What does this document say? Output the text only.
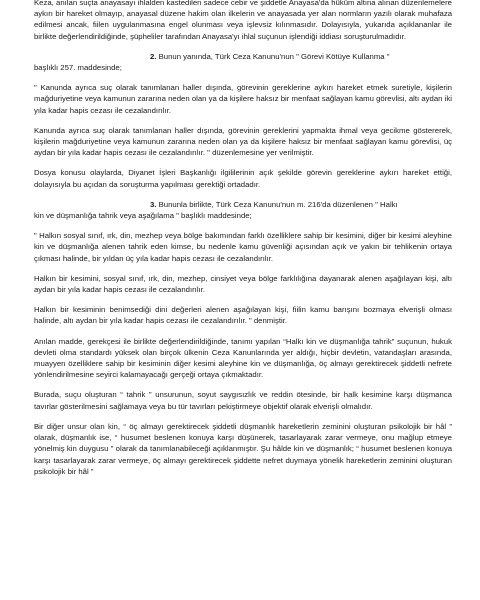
Keza, anılan suçta anayasayı ihlalden kastedilen sadece cebir ve şiddetle Anayasa'da hüküm altına alınan düzenlemelere aykırı bir hareket olmayıp, anayasal düzene hakim olan ilkelerin ve anayasada yer alan normların yazılı olarak muhafaza edilmesi ancak, fiilen uygulanmasına engel olunması veya işlevsiz kılınmasıdır. Dolayısıyla, yukarıda açıklananlar ile birlikte değerlendirildiğinde, şüpheliler tarafından Anayasa'yı ihlal suçunun işlendiği iddiası soruşturulmadıdır.

2. Bunun yanında, Türk Ceza Kanunu'nun " Görevi Kötüye Kullanma "
başlıklı 257. maddesinde;

" Kanunda ayrıca suç olarak tanımlanan haller dışında, görevinin gereklerine aykırı hareket etmek suretiyle, kişilerin mağduriyetine veya kamunun zararına neden olan ya da kişilere haksız bir menfaat sağlayan kamu görevlisi, altı aydan iki yıla kadar hapis cezası ile cezalandırılır.

Kanunda ayrıca suç olarak tanımlanan haller dışında, görevinin gereklerini yapmakta ihmal veya gecikme göstererek, kişilerin mağduriyetine veya kamunun zararına neden olan ya da kişilere haksız bir menfaat sağlayan kamu görevlisi, üç aydan bir yıla kadar hapis cezası ile cezalandırılır. " düzenlemesine yer verilmiştir.

Dosya konusu olaylarda, Diyanet İşleri Başkanlığı ilgililerinin açık şekilde görevin gereklerine aykırı hareket ettiği, dolayısıyla bu açıdan da soruşturma yapılması gerektiği ortadadır.

3. Bununla birlikte, Türk Ceza Kanunu'nun m. 216'da düzenlenen " Halkı
kin ve düşmanlığa tahrik veya aşağılama " başlıklı maddesinde;

" Halkın sosyal sınıf, ırk, din, mezhep veya bölge bakımından farklı özelliklere sahip bir kesimini, diğer bir kesimi aleyhine kin ve düşmanlığa alenen tahrik eden kimse, bu nedenle kamu güvenliği açısından açık ve yakın bir tehlikenin ortaya çıkması halinde, bir yıldan üç yıla kadar hapis cezası ile cezalandırılır.

Halkın bir kesimini, sosyal sınıf, ırk, din, mezhep, cinsiyet veya bölge farklılığına dayanarak alenen aşağılayan kişi, altı aydan bir yıla kadar hapis cezası ile cezalandırılır.

Halkın bir kesiminin benimsediği dini değerleri alenen aşağılayan kişi, fiilin kamu barışını bozmaya elverişli olması halinde, altı aydan bir yıla kadar hapis cezası ile cezalandırılır. " denmiştir.

Anılan madde, gerekçesi ile birlikte değerlendirildiğinde, tanımı yapılan “Halkı kin ve düşmanlığa tahrik” suçunun, hukuk devleti olma standardı yüksek olan birçok ülkenin Ceza Kanunlarında yer aldığı, hiçbir devletin, vatandaşları arasında, muayyen özelliklere sahip bir kesiminin diğer kesimi aleyhine kin ve düşmanlığa, öç almayı gerektirecek şiddetli nefrete yönlendirilmesine seyirci kalamayacağı gerçeği ortaya çıkmaktadır.

Burada, suçu oluşturan “ tahrik ” unsurunun, soyut saygısızlık ve reddin ötesinde, bir halk kesimine karşı düşmanca tavırlar gösterilmesini sağlamaya veya bu tür tavırları pekiştirmeye objektif olarak elverişli olmalıdır.

Bir diğer unsur olan kin, “ öç almayı gerektirecek şiddetli düşmanlık hareketlerin zeminini oluşturan psikolojik bir hâl ” olarak, düşmanlık ise, “ husumet beslenen konuya karşı düşünerek, tasarlayarak zarar vermeye, onu mağlup etmeye yönelmiş kin duygusu ” olarak da tanımlanabileceği açıklanmıştır. Şu hâlde kin ve düşmanlık; “ husumet beslenen konuya karşı tasarlayarak zarar vermeye, öç almayı gerektirecek şiddette nefret duymaya yönelik hareketlerin zeminini oluşturan psikolojik bir hâl ”
